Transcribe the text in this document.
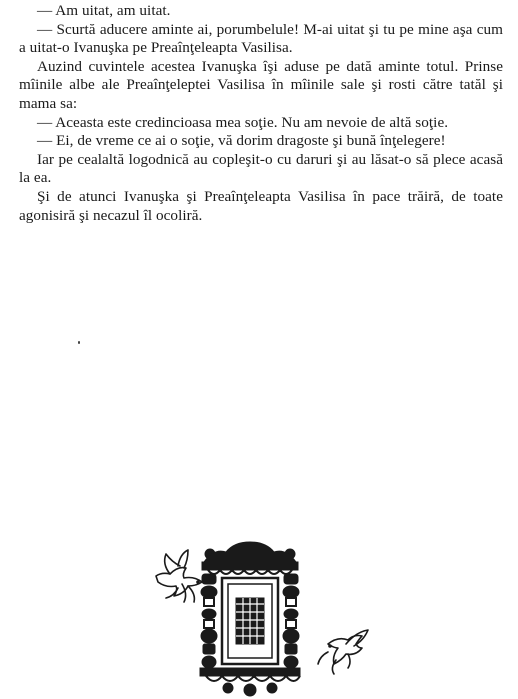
— Am uitat, am uitat.

— Scurtă aducere aminte ai, porumbelule! M-ai uitat şi tu pe mine aşa cum a uitat-o Ivanuşka pe Preaînţeleapta Vasilisa.

Auzind cuvintele acestea Ivanuşka îşi aduse pe dată aminte totul. Prinse mîinile albe ale Preaînţeleptei Vasilisa în mîinile sale şi rosti către tatăl şi mama sa:

— Aceasta este credincioasa mea soţie. Nu am nevoie de altă soţie.

— Ei, de vreme ce ai o soţie, vă dorim dragoste şi bună înţelegere!

Iar pe cealaltă logodnică au copleşit-o cu daruri şi au lăsat-o să plece acasă la ea.

Şi de atunci Ivanuşka şi Preaînţeleapta Vasilisa în pace trăiră, de toate agonisiră şi necazul îl ocoliră.
